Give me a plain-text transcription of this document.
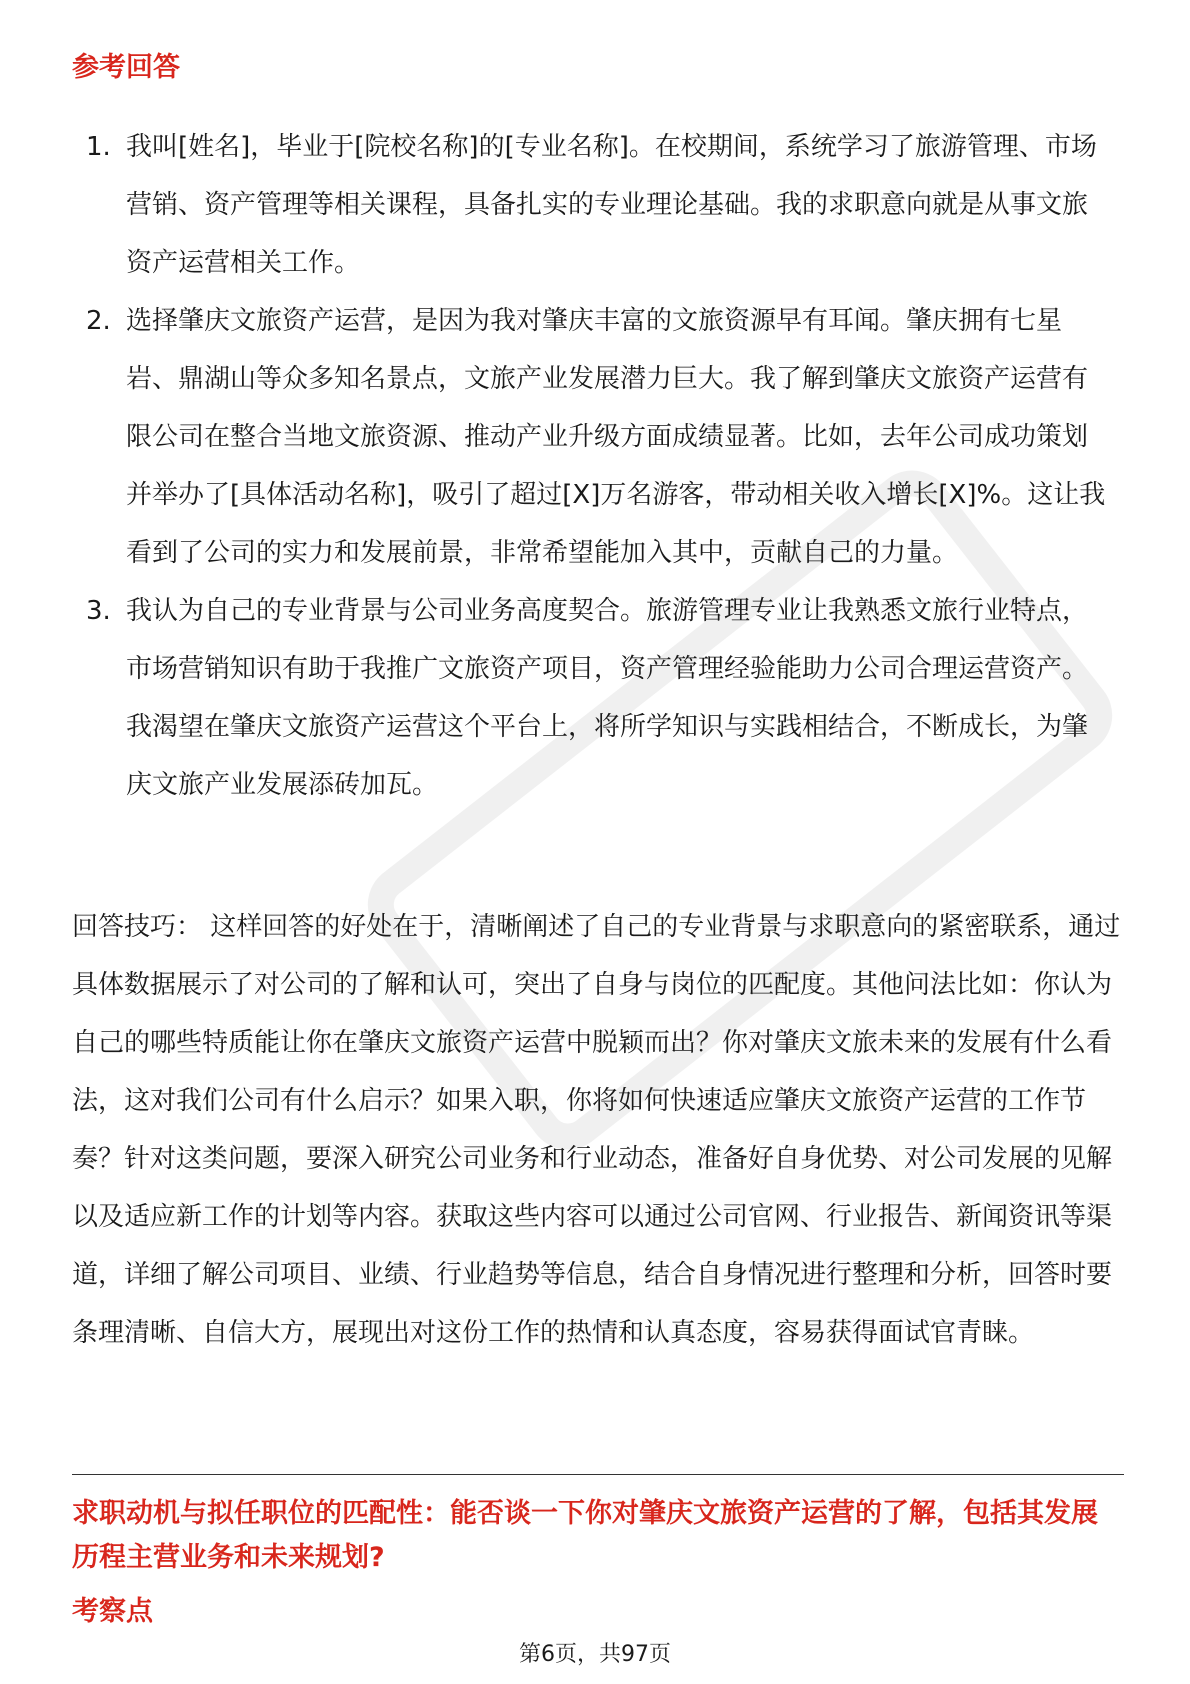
参考回答
1. 我叫[姓名]，毕业于[院校名称]的[专业名称]。在校期间，系统学习了旅游管理、市场营销、资产管理等相关课程，具备扎实的专业理论基础。我的求职意向就是从事文旅资产运营相关工作。
2. 选择肇庆文旅资产运营，是因为我对肇庆丰富的文旅资源早有耳闻。肇庆拥有七星岩、鼎湖山等众多知名景点，文旅产业发展潜力巨大。我了解到肇庆文旅资产运营有限公司在整合当地文旅资源、推动产业升级方面成绩显著。比如，去年公司成功策划并举办了[具体活动名称]，吸引了超过[X]万名游客，带动相关收入增长[X]%。这让我看到了公司的实力和发展前景，非常希望能加入其中，贡献自己的力量。
3. 我认为自己的专业背景与公司业务高度契合。旅游管理专业让我熟悉文旅行业特点，市场营销知识有助于我推广文旅资产项目，资产管理经验能助力公司合理运营资产。我渴望在肇庆文旅资产运营这个平台上，将所学知识与实践相结合，不断成长，为肇庆文旅产业发展添砖加瓦。
回答技巧： 这样回答的好处在于，清晰阐述了自己的专业背景与求职意向的紧密联系，通过具体数据展示了对公司的了解和认可，突出了自身与岗位的匹配度。其他问法比如：你认为自己的哪些特质能让你在肇庆文旅资产运营中脱颖而出？你对肇庆文旅未来的发展有什么看法，这对我们公司有什么启示？如果入职，你将如何快速适应肇庆文旅资产运营的工作节奏？针对这类问题，要深入研究公司业务和行业动态，准备好自身优势、对公司发展的见解以及适应新工作的计划等内容。获取这些内容可以通过公司官网、行业报告、新闻资讯等渠道，详细了解公司项目、业绩、行业趋势等信息，结合自身情况进行整理和分析，回答时要条理清晰、自信大方，展现出对这份工作的热情和认真态度，容易获得面试官青睐。
求职动机与拟任职位的匹配性：能否谈一下你对肇庆文旅资产运营的了解，包括其发展历程主营业务和未来规划?
考察点
第6页，共97页
